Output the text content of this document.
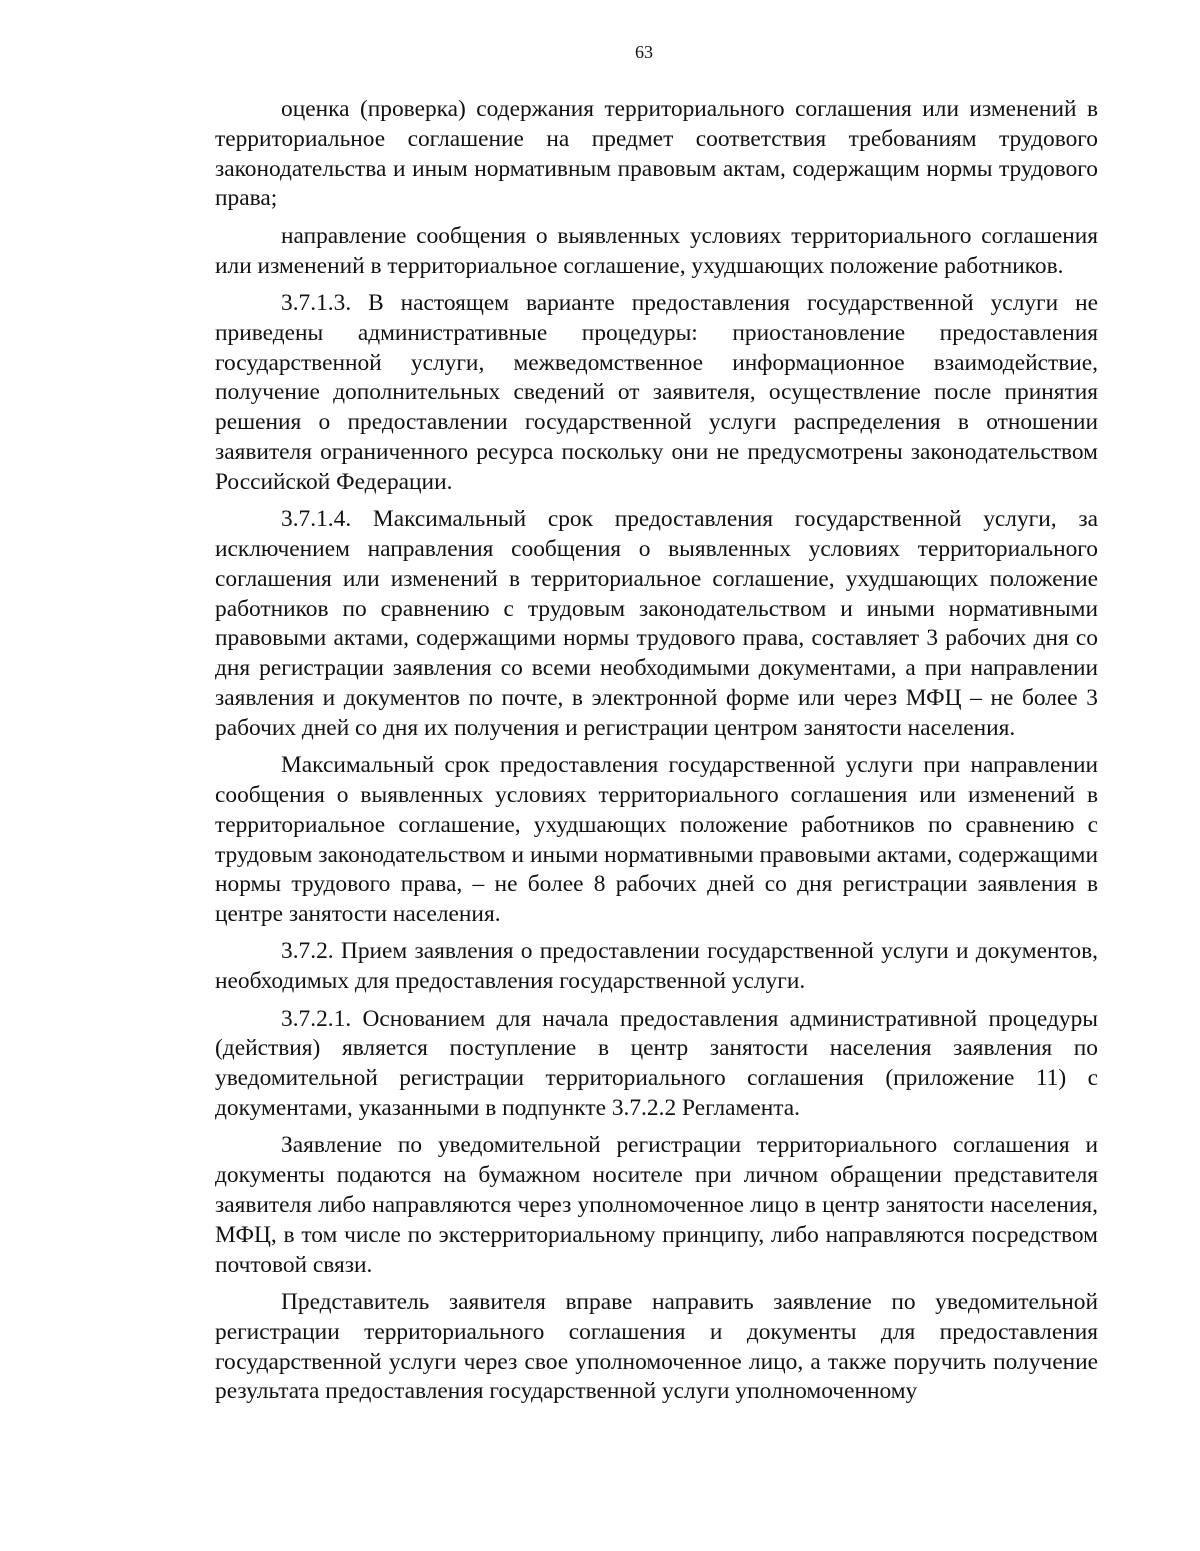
63

оценка (проверка) содержания территориального соглашения или изменений в территориальное соглашение на предмет соответствия требованиям трудового законодательства и иным нормативным правовым актам, содержащим нормы трудового права;

направление сообщения о выявленных условиях территориального соглашения или изменений в территориальное соглашение, ухудшающих положение работников.

3.7.1.3. В настоящем варианте предоставления государственной услуги не приведены административные процедуры: приостановление предоставления государственной услуги, межведомственное информационное взаимодействие, получение дополнительных сведений от заявителя, осуществление после принятия решения о предоставлении государственной услуги распределения в отношении заявителя ограниченного ресурса поскольку они не предусмотрены законодательством Российской Федерации.

3.7.1.4. Максимальный срок предоставления государственной услуги, за исключением направления сообщения о выявленных условиях территориального соглашения или изменений в территориальное соглашение, ухудшающих положение работников по сравнению с трудовым законодательством и иными нормативными правовыми актами, содержащими нормы трудового права, составляет 3 рабочих дня со дня регистрации заявления со всеми необходимыми документами, а при направлении заявления и документов по почте, в электронной форме или через МФЦ – не более 3 рабочих дней со дня их получения и регистрации центром занятости населения.

Максимальный срок предоставления государственной услуги при направлении сообщения о выявленных условиях территориального соглашения или изменений в территориальное соглашение, ухудшающих положение работников по сравнению с трудовым законодательством и иными нормативными правовыми актами, содержащими нормы трудового права, – не более 8 рабочих дней со дня регистрации заявления в центре занятости населения.

3.7.2. Прием заявления о предоставлении государственной услуги и документов, необходимых для предоставления государственной услуги.

3.7.2.1. Основанием для начала предоставления административной процедуры (действия) является поступление в центр занятости населения заявления по уведомительной регистрации территориального соглашения (приложение 11) с документами, указанными в подпункте 3.7.2.2 Регламента.

Заявление по уведомительной регистрации территориального соглашения и документы подаются на бумажном носителе при личном обращении представителя заявителя либо направляются через уполномоченное лицо в центр занятости населения, МФЦ, в том числе по экстерриториальному принципу, либо направляются посредством почтовой связи.

Представитель заявителя вправе направить заявление по уведомительной регистрации территориального соглашения и документы для предоставления государственной услуги через свое уполномоченное лицо, а также поручить получение результата предоставления государственной услуги уполномоченному
